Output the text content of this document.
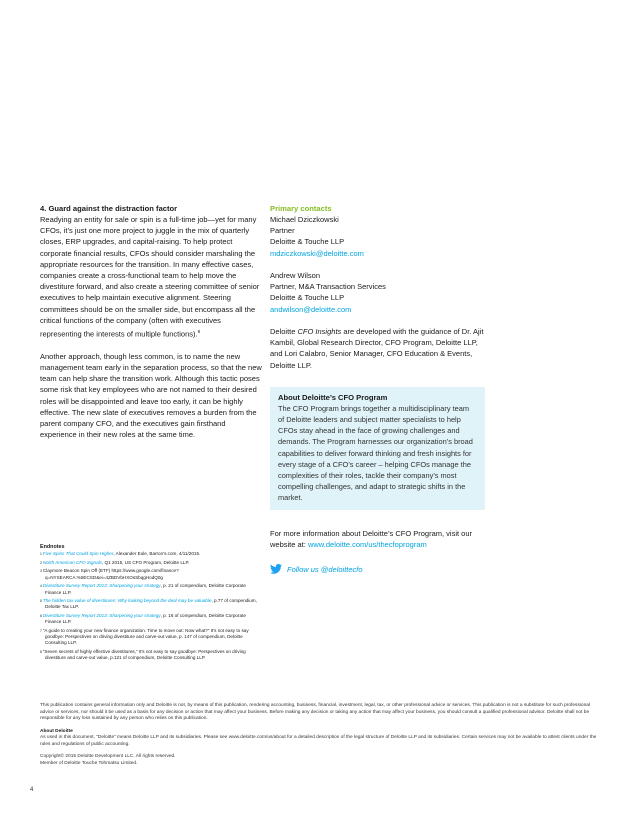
4. Guard against the distraction factor

Readying an entity for sale or spin is a full-time job—yet for many CFOs, it’s just one more project to juggle in the mix of quarterly closes, ERP upgrades, and capital-raising. To help protect corporate financial results, CFOs should consider marshaling the appropriate resources for the transition. In many effective cases, companies create a cross-functional team to help move the divestiture forward, and also create a steering committee of senior executives to help maintain executive alignment. Steering committees should be on the smaller side, but encompass all the critical functions of the company (often with executives representing the interests of multiple functions).$^8$

Another approach, though less common, is to name the new management team early in the separation process, so that the new team can help share the transition work. Although this tactic poses some risk that key employees who are not named to their desired roles will be disappointed and leave too early, it can be highly effective. The new slate of executives removes a burden from the parent company CFO, and the executives gain firsthand experience in their new roles at the same time.

Primary contacts
Michael Dziczkowski
Partner
Deloitte & Touche LLP
mdziczkowski@deloitte.com
Andrew Wilson
Partner, M&A Transaction Services
Deloitte & Touche LLP
andwilson@deloitte.com

Deloitte CFO Insights are developed with the guidance of Dr. Ajit Kambil, Global Research Director, CFO Program, Deloitte LLP, and Lori Calabro, Senior Manager, CFO Education & Events, Deloitte LLP.

About Deloitte’s CFO Program
The CFO Program brings together a multidisciplinary team of Deloitte leaders and subject matter specialists to help CFOs stay ahead in the face of growing challenges and demands. The Program harnesses our organization’s broad capabilities to deliver forward thinking and fresh insights for every stage of a CFO’s career – helping CFOs manage the complexities of their roles, tackle their company’s most compelling challenges, and adapt to strategic shifts in the market.
For more information about Deloitte’s CFO Program, visit our website at: www.deloitte.com/us/thecfoprogram
Follow us @deloittecfo
Endnotes
$^1$Five Spins That Could Spin Higher, Alexander Eule, Barron’s.com, 4/11/2015.
$^2$North American CFO Signals, Q1 2015, US CFO Program, Deloitte LLP.
$^3$Claymore Beacon Spin Off (ETF) https://www.google.com/finance?q=NYSEARCA:%5ECSD&ei=4ZBDVbHXOsSbqgHodQ0g
$^4$Divestiture Survey Report 2013: Sharpening your strategy, p. 21 of compendium, Deloitte Corporate Finance LLP.
$^5$The hidden tax value of divestitures: Why looking beyond the deal may be valuable, p.77 of compendium, Deloitte Tax LLP.
$^6$Divestiture Survey Report 2013: Sharpening your strategy, p. 16 of compendium, Deloitte Corporate Finance LLP.
$^7$“A guide to creating your new finance organization. Time to move out: Now what?” It’s not easy to say goodbye: Perspectives on driving divestiture and carve-out value, p. 147 of compendium, Deloitte Consulting LLP.
$^8$“Seven secrets of highly effective divestitures,” It’s not easy to say goodbye: Perspectives on driving divestiture and carve-out value, p.121 of compendium, Deloitte Consulting LLP.

This publication contains general information only and Deloitte is not, by means of this publication, rendering accounting, business, financial, investment, legal, tax, or other professional advice or services. This publication is not a substitute for such professional advice or services, nor should it be used as a basis for any decision or action that may affect your business. Before making any decision or taking any action that may affect your business, you should consult a qualified professional advisor. Deloitte shall not be responsible for any loss sustained by any person who relies on this publication.

About Deloitte

As used in this document, “Deloitte” means Deloitte LLP and its subsidiaries. Please see www.deloitte.com/us/about for a detailed description of the legal structure of Deloitte LLP and its subsidiaries. Certain services may not be available to attest clients under the rules and regulations of public accounting.

Copyright© 2015 Deloitte Development LLC. All rights reserved.

Member of Deloitte Touche Tohmatsu Limited.

4
